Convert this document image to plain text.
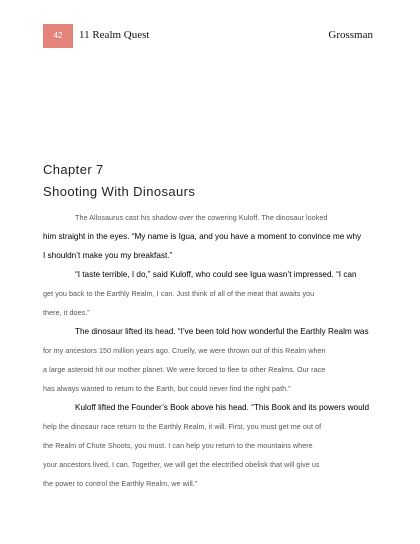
42	11 Realm Quest	Grossman
Chapter 7
Shooting With Dinosaurs
The Allosaurus cast his shadow over the cowering Kuloff. The dinosaur looked
him straight in the eyes. “My name is Igua, and you have a moment to convince me why
I shouldn’t make you my breakfast.”
“I taste terrible, I do,” said Kuloff, who could see Igua wasn’t impressed. “I can
get you back to the Earthly Realm, I can. Just think of all of the meat that awaits you
there, it does.”
The dinosaur lifted its head. “I’ve been told how wonderful the Earthly Realm was
for my ancestors 150 million years ago. Cruelly, we were thrown out of this Realm when
a large asteroid hit our mother planet. We were forced to flee to other Realms. Our race
has always wanted to return to the Earth, but could never find the right path.”
Kuloff lifted the Founder’s Book above his head. “This Book and its powers would
help the dinosaur race return to the Earthly Realm, it will. First, you must get me out of
the Realm of Chute Shoots, you must. I can help you return to the mountains where
your ancestors lived, I can. Together, we will get the electrified obelisk that will give us
the power to control the Earthly Realm, we will.”
